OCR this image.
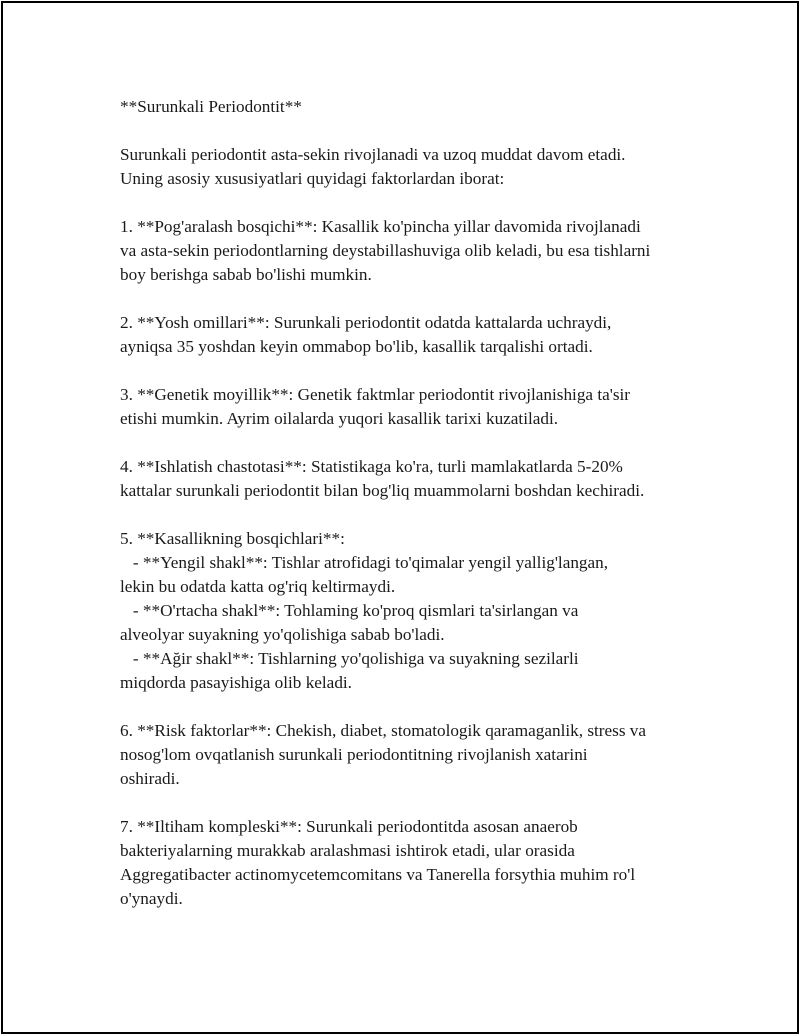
**Surunkali Periodontit**
Surunkali periodontit asta-sekin rivojlanadi va uzoq muddat davom etadi.
Uning asosiy xususiyatlari quyidagi faktorlardan iborat:
1. **Pog'aralash bosqichi**: Kasallik ko'pincha yillar davomida rivojlanadi
va asta-sekin periodontlarning deystabillashuviga olib keladi, bu esa tishlarni
boy berishga sabab bo'lishi mumkin.
2. **Yosh omillari**: Surunkali periodontit odatda kattalarda uchraydi,
ayniqsa 35 yoshdan keyin ommabop bo'lib, kasallik tarqalishi ortadi.
3. **Genetik moyillik**: Genetik faktmlar periodontit rivojlanishiga ta'sir
etishi mumkin. Ayrim oilalarda yuqori kasallik tarixi kuzatiladi.
4. **Ishlatish chastotasi**: Statistikaga ko'ra, turli mamlakatlarda 5-20%
kattalar surunkali periodontit bilan bog'liq muammolarni boshdan kechiradi.
5. **Kasallikning bosqichlari**:
- **Yengil shakl**: Tishlar atrofidagi to'qimalar yengil yallig'langan,
lekin bu odatda katta og'riq keltirmaydi.
- **O'rtacha shakl**: Tohlaming ko'proq qismlari ta'sirlangan va
alveolyar suyakning yo'qolishiga sabab bo'ladi.
- **Ağir shakl**: Tishlarning yo'qolishiga va suyakning sezilarli
miqdorda pasayishiga olib keladi.
6. **Risk faktorlar**: Chekish, diabet, stomatologik qaramaganlik, stress va
nosog'lom ovqatlanish surunkali periodontitning rivojlanish xatarini
oshiradi.
7. **Iltiham kompleski**: Surunkali periodontitda asosan anaerob
bakteriyalarning murakkab aralashmasi ishtirok etadi, ular orasida
Aggregatibacter actinomycetemcomitans va Tanerella forsythia muhim ro'l
o'ynaydi.
